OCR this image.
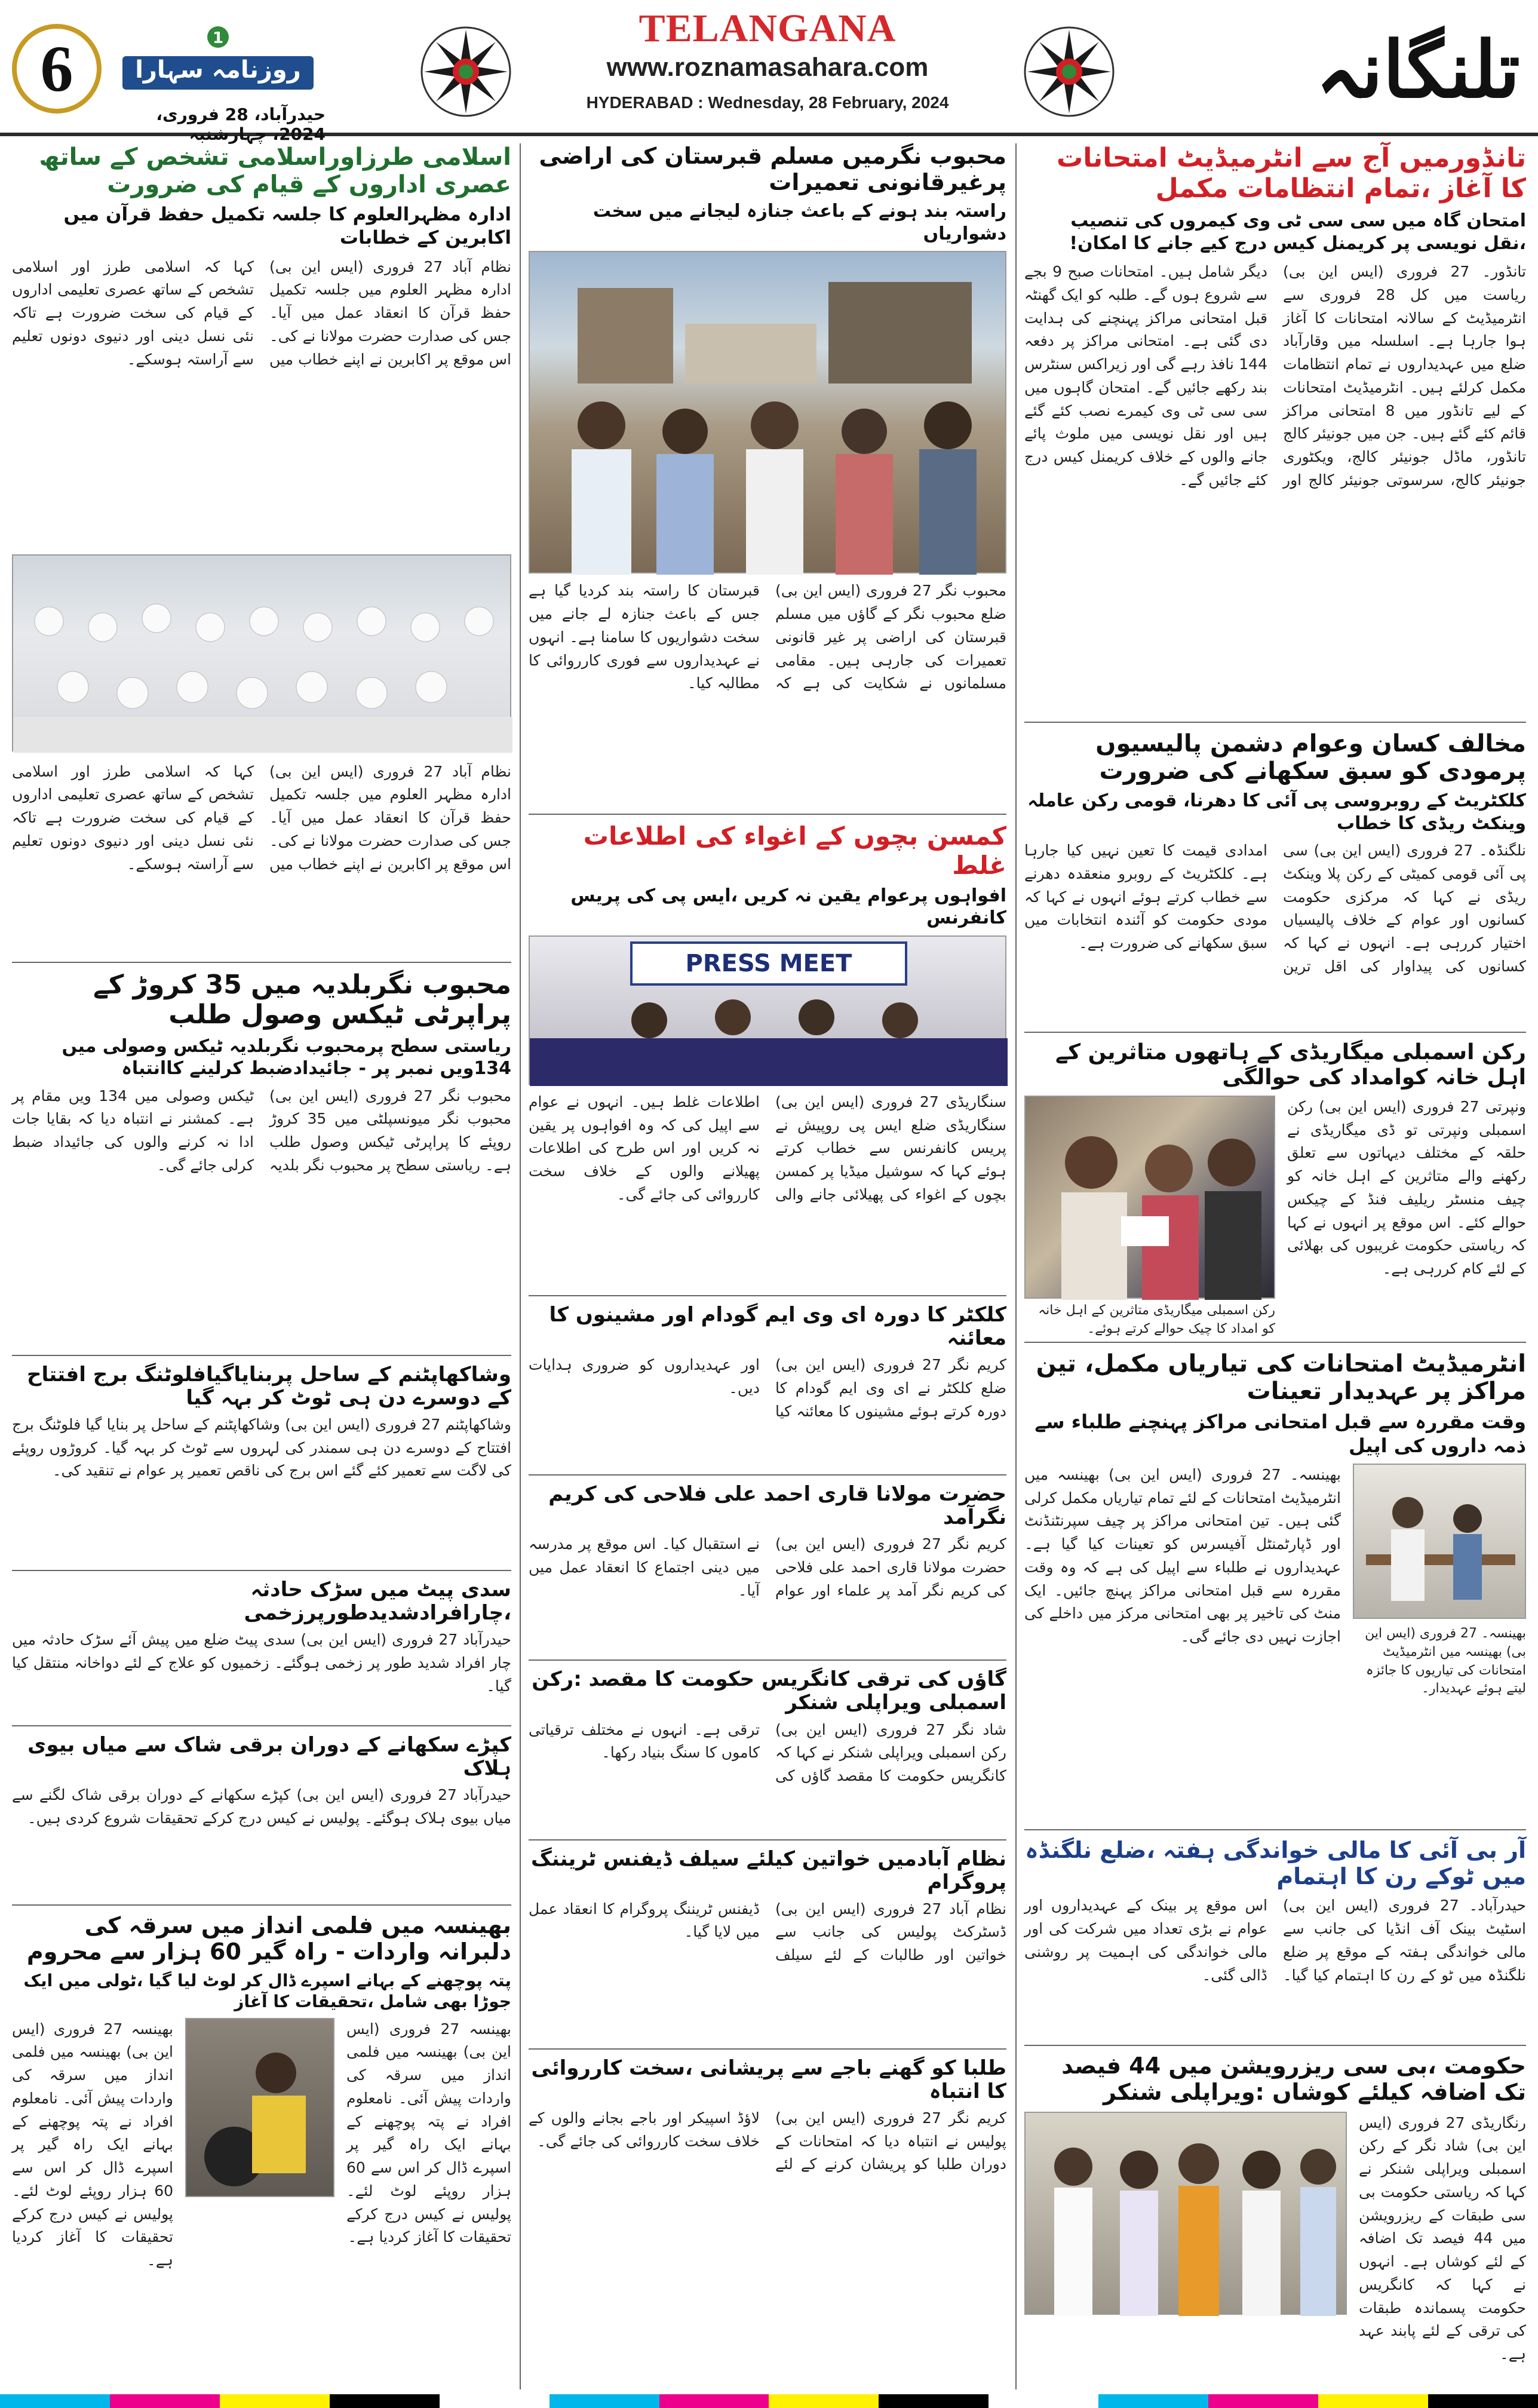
6	1
روزنامہ سہارا
حیدرآباد، 28 فروری، 2024، چہارشنبہ
TELANGANA
www.roznamasahara.com
HYDERABAD : Wednesday, 28 February, 2024	تلنگانہ
تانڈورمیں آج سے انٹرمیڈیٹ امتحانات کا آغاز ،تمام انتظامات مکمل
امتحان گاہ میں سی سی ٹی وی کیمروں کی تنصیب ،نقل نویسی پر کریمنل کیس درج کیے جانے کا امکان!
تانڈور۔ 27 فروری (ایس این بی) ریاست میں کل 28 فروری سے انٹرمیڈیٹ کے سالانہ امتحانات کا آغاز ہوا جارہا ہے۔ اسلسلہ میں وقارآباد ضلع میں عہدیداروں نے تمام انتظامات مکمل کرلئے ہیں۔ انٹرمیڈیٹ امتحانات کے لیے تانڈور میں 8 امتحانی مراکز قائم کئے گئے ہیں۔ جن میں جونیئر کالج تانڈور، ماڈل جونیئر کالج، ویکٹوری جونیئر کالج، سرسوتی جونیئر کالج اور دیگر شامل ہیں۔ امتحانات صبح 9 بجے سے شروع ہوں گے۔ طلبہ کو ایک گھنٹہ قبل امتحانی مراکز پہنچنے کی ہدایت دی گئی ہے۔ امتحانی مراکز پر دفعہ 144 نافذ رہے گی اور زیراکس سنٹرس بند رکھے جائیں گے۔ امتحان گاہوں میں سی سی ٹی وی کیمرے نصب کئے گئے ہیں اور نقل نویسی میں ملوث پائے جانے والوں کے خلاف کریمنل کیس درج کئے جائیں گے۔
مخالف کسان وعوام دشمن پالیسیوں پرمودی کو سبق سکھانے کی ضرورت
کلکٹریٹ کے روبروسی پی آئی کا دھرنا، قومی رکن عاملہ وینکٹ ریڈی کا خطاب
نلگنڈہ۔ 27 فروری (ایس این بی) سی پی آئی قومی کمیٹی کے رکن پلا وینکٹ ریڈی نے کہا کہ مرکزی حکومت کسانوں اور عوام کے خلاف پالیسیاں اختیار کررہی ہے۔ انہوں نے کہا کہ کسانوں کی پیداوار کی اقل ترین امدادی قیمت کا تعین نہیں کیا جارہا ہے۔ کلکٹریٹ کے روبرو منعقدہ دھرنے سے خطاب کرتے ہوئے انہوں نے کہا کہ مودی حکومت کو آئندہ انتخابات میں سبق سکھانے کی ضرورت ہے۔
رکن اسمبلی میگاریڈی کے ہاتھوں متاثرین کے اہل خانہ کوامداد کی حوالگی
رکن اسمبلی میگاریڈی متاثرین کے اہل خانہ کو امداد کا چیک حوالے کرتے ہوئے۔
ونپرتی 27 فروری (ایس این بی) رکن اسمبلی ونپرتی تو ڈی میگاریڈی نے حلقہ کے مختلف دیہاتوں سے تعلق رکھنے والے متاثرین کے اہل خانہ کو چیف منسٹر ریلیف فنڈ کے چیکس حوالے کئے۔ اس موقع پر انہوں نے کہا کہ ریاستی حکومت غریبوں کی بھلائی کے لئے کام کررہی ہے۔
انٹرمیڈیٹ امتحانات کی تیاریاں مکمل، تین مراکز پر عہدیدار تعینات
وقت مقررہ سے قبل امتحانی مراکز پہنچنے طلباء سے ذمہ داروں کی اپیل
بھینسہ۔ 27 فروری (ایس این بی) بھینسہ میں انٹرمیڈیٹ امتحانات کے لئے تمام تیاریاں مکمل کرلی گئی ہیں۔ تین امتحانی مراکز پر چیف سپرنٹنڈنٹ اور ڈپارٹمنٹل آفیسرس کو تعینات کیا گیا ہے۔ عہدیداروں نے طلباء سے اپیل کی ہے کہ وہ وقت مقررہ سے قبل امتحانی مراکز پہنچ جائیں۔ ایک منٹ کی تاخیر پر بھی امتحانی مرکز میں داخلے کی اجازت نہیں دی جائے گی۔	بھینسہ۔ 27 فروری (ایس این بی) بھینسہ میں انٹرمیڈیٹ امتحانات کی تیاریوں کا جائزہ لیتے ہوئے عہدیدار۔
آر بی آئی کا مالی خواندگی ہفتہ ،ضلع نلگنڈہ میں ٹوکے رن کا اہتمام
حیدرآباد۔ 27 فروری (ایس این بی) اسٹیٹ بینک آف انڈیا کی جانب سے مالی خواندگی ہفتہ کے موقع پر ضلع نلگنڈہ میں ٹو کے رن کا اہتمام کیا گیا۔ اس موقع پر بینک کے عہدیداروں اور عوام نے بڑی تعداد میں شرکت کی اور مالی خواندگی کی اہمیت پر روشنی ڈالی گئی۔
حکومت ،بی سی ریزرویشن میں 44 فیصد تک اضافہ کیلئے کوشاں :ویراپلی شنکر
رنگاریڈی 27 فروری (ایس این بی) شاد نگر کے رکن اسمبلی ویراپلی شنکر نے کہا کہ ریاستی حکومت بی سی طبقات کے ریزرویشن میں 44 فیصد تک اضافہ کے لئے کوشاں ہے۔ انہوں نے کہا کہ کانگریس حکومت پسماندہ طبقات کی ترقی کے لئے پابند عہد ہے۔
محبوب نگرمیں مسلم قبرستان کی اراضی پرغیرقانونی تعمیرات
راستہ بند ہونے کے باعث جنازہ لیجانے میں سخت دشواریاں
محبوب نگر 27 فروری (ایس این بی) ضلع محبوب نگر کے گاؤں میں مسلم قبرستان کی اراضی پر غیر قانونی تعمیرات کی جارہی ہیں۔ مقامی مسلمانوں نے شکایت کی ہے کہ قبرستان کا راستہ بند کردیا گیا ہے جس کے باعث جنازہ لے جانے میں سخت دشواریوں کا سامنا ہے۔ انہوں نے عہدیداروں سے فوری کارروائی کا مطالبہ کیا۔
کمسن بچوں کے اغواء کی اطلاعات غلط
افواہوں پرعوام یقین نہ کریں ،ایس پی کی پریس کانفرنس
PRESS MEET
سنگاریڈی 27 فروری (ایس این بی) سنگاریڈی ضلع ایس پی روپیش نے پریس کانفرنس سے خطاب کرتے ہوئے کہا کہ سوشیل میڈیا پر کمسن بچوں کے اغواء کی پھیلائی جانے والی اطلاعات غلط ہیں۔ انہوں نے عوام سے اپیل کی کہ وہ افواہوں پر یقین نہ کریں اور اس طرح کی اطلاعات پھیلانے والوں کے خلاف سخت کارروائی کی جائے گی۔
کلکٹر کا دورہ ای وی ایم گودام اور مشینوں کا معائنہ
کریم نگر 27 فروری (ایس این بی) ضلع کلکٹر نے ای وی ایم گودام کا دورہ کرتے ہوئے مشینوں کا معائنہ کیا اور عہدیداروں کو ضروری ہدایات دیں۔
حضرت مولانا قاری احمد علی فلاحی کی کریم نگرآمد
کریم نگر 27 فروری (ایس این بی) حضرت مولانا قاری احمد علی فلاحی کی کریم نگر آمد پر علماء اور عوام نے استقبال کیا۔ اس موقع پر مدرسہ میں دینی اجتماع کا انعقاد عمل میں آیا۔
گاؤں کی ترقی کانگریس حکومت کا مقصد :رکن اسمبلی ویراپلی شنکر
شاد نگر 27 فروری (ایس این بی) رکن اسمبلی ویراپلی شنکر نے کہا کہ کانگریس حکومت کا مقصد گاؤں کی ترقی ہے۔ انہوں نے مختلف ترقیاتی کاموں کا سنگ بنیاد رکھا۔
نظام آبادمیں خواتین کیلئے سیلف ڈیفنس ٹریننگ پروگرام
نظام آباد 27 فروری (ایس این بی) ڈسٹرکٹ پولیس کی جانب سے خواتین اور طالبات کے لئے سیلف ڈیفنس ٹریننگ پروگرام کا انعقاد عمل میں لایا گیا۔
طلبا کو گھنے باجے سے پریشانی ،سخت کارروائی کا انتباہ
کریم نگر 27 فروری (ایس این بی) پولیس نے انتباہ دیا کہ امتحانات کے دوران طلبا کو پریشان کرنے کے لئے لاؤڈ اسپیکر اور باجے بجانے والوں کے خلاف سخت کارروائی کی جائے گی۔
اسلامی طرزاوراسلامی تشخص کے ساتھ عصری اداروں کے قیام کی ضرورت
ادارہ مظہرالعلوم کا جلسہ تکمیل حفظ قرآن میں اکابرین کے خطابات
نظام آباد 27 فروری (ایس این بی) ادارہ مظہر العلوم میں جلسہ تکمیل حفظ قرآن کا انعقاد عمل میں آیا۔ جس کی صدارت حضرت مولانا نے کی۔ اس موقع پر اکابرین نے اپنے خطاب میں کہا کہ اسلامی طرز اور اسلامی تشخص کے ساتھ عصری تعلیمی اداروں کے قیام کی سخت ضرورت ہے تاکہ نئی نسل دینی اور دنیوی دونوں تعلیم سے آراستہ ہوسکے۔
نظام آباد 27 فروری (ایس این بی) ادارہ مظہر العلوم میں جلسہ تکمیل حفظ قرآن کا انعقاد عمل میں آیا۔ جس کی صدارت حضرت مولانا نے کی۔ اس موقع پر اکابرین نے اپنے خطاب میں کہا کہ اسلامی طرز اور اسلامی تشخص کے ساتھ عصری تعلیمی اداروں کے قیام کی سخت ضرورت ہے تاکہ نئی نسل دینی اور دنیوی دونوں تعلیم سے آراستہ ہوسکے۔
محبوب نگربلدیہ میں 35 کروڑ کے پراپرٹی ٹیکس وصول طلب
ریاستی سطح پرمحبوب نگربلدیہ ٹیکس وصولی میں 134ویں نمبر پر - جائیدادضبط کرلینے کاانتباہ
محبوب نگر 27 فروری (ایس این بی) محبوب نگر میونسپلٹی میں 35 کروڑ روپئے کا پراپرٹی ٹیکس وصول طلب ہے۔ ریاستی سطح پر محبوب نگر بلدیہ ٹیکس وصولی میں 134 ویں مقام پر ہے۔ کمشنر نے انتباہ دیا کہ بقایا جات ادا نہ کرنے والوں کی جائیداد ضبط کرلی جائے گی۔
وشاکھاپٹنم کے ساحل پربنایاگیافلوٹنگ برج افتتاح کے دوسرے دن ہی ٹوٹ کر بہہ گیا
وشاکھاپٹنم 27 فروری (ایس این بی) وشاکھاپٹنم کے ساحل پر بنایا گیا فلوٹنگ برج افتتاح کے دوسرے دن ہی سمندر کی لہروں سے ٹوٹ کر بہہ گیا۔ کروڑوں روپئے کی لاگت سے تعمیر کئے گئے اس برج کی ناقص تعمیر پر عوام نے تنقید کی۔
سدی پیٹ میں سڑک حادثہ ،چارافرادشدیدطورپرزخمی
حیدرآباد 27 فروری (ایس این بی) سدی پیٹ ضلع میں پیش آئے سڑک حادثہ میں چار افراد شدید طور پر زخمی ہوگئے۔ زخمیوں کو علاج کے لئے دواخانہ منتقل کیا گیا۔
کپڑے سکھانے کے دوران برقی شاک سے میاں بیوی ہلاک
حیدرآباد 27 فروری (ایس این بی) کپڑے سکھانے کے دوران برقی شاک لگنے سے میاں بیوی ہلاک ہوگئے۔ پولیس نے کیس درج کرکے تحقیقات شروع کردی ہیں۔
بھینسہ میں فلمی انداز میں سرقہ کی دلبرانہ واردات - راہ گیر 60 ہزار سے محروم
پتہ پوچھنے کے بہانے اسپرے ڈال کر لوٹ لیا گیا ،ٹولی میں ایک جوڑا بھی شامل ،تحقیقات کا آغاز
بھینسہ 27 فروری (ایس این بی) بھینسہ میں فلمی انداز میں سرقہ کی واردات پیش آئی۔ نامعلوم افراد نے پتہ پوچھنے کے بہانے ایک راہ گیر پر اسپرے ڈال کر اس سے 60 ہزار روپئے لوٹ لئے۔ پولیس نے کیس درج کرکے تحقیقات کا آغاز کردیا ہے۔
بھینسہ 27 فروری (ایس این بی) بھینسہ میں فلمی انداز میں سرقہ کی واردات پیش آئی۔ نامعلوم افراد نے پتہ پوچھنے کے بہانے ایک راہ گیر پر اسپرے ڈال کر اس سے 60 ہزار روپئے لوٹ لئے۔ پولیس نے کیس درج کرکے تحقیقات کا آغاز کردیا ہے۔
